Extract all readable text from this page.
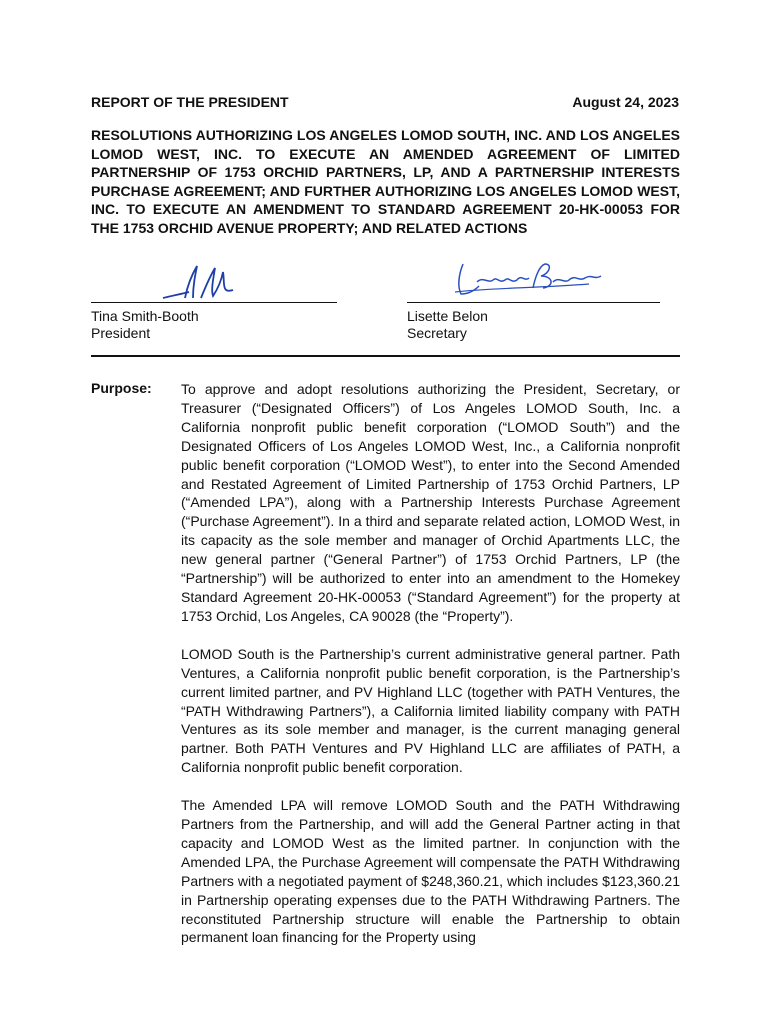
REPORT OF THE PRESIDENT	August 24, 2023

RESOLUTIONS AUTHORIZING LOS ANGELES LOMOD SOUTH, INC. AND LOS ANGELES LOMOD WEST, INC. TO EXECUTE AN AMENDED AGREEMENT OF LIMITED PARTNERSHIP OF 1753 ORCHID PARTNERS, LP, AND A PARTNERSHIP INTERESTS PURCHASE AGREEMENT; AND FURTHER AUTHORIZING LOS ANGELES LOMOD WEST, INC. TO EXECUTE AN AMENDMENT TO STANDARD AGREEMENT 20-HK-00053 FOR THE 1753 ORCHID AVENUE PROPERTY; AND RELATED ACTIONS

Tina Smith-Booth
President
Lisette Belon
Secretary
Purpose: To approve and adopt resolutions authorizing the President, Secretary, or Treasurer (“Designated Officers”) of Los Angeles LOMOD South, Inc. a California nonprofit public benefit corporation (“LOMOD South”) and the Designated Officers of Los Angeles LOMOD West, Inc., a California nonprofit public benefit corporation (“LOMOD West”), to enter into the Second Amended and Restated Agreement of Limited Partnership of 1753 Orchid Partners, LP (“Amended LPA”), along with a Partnership Interests Purchase Agreement (“Purchase Agreement”). In a third and separate related action, LOMOD West, in its capacity as the sole member and manager of Orchid Apartments LLC, the new general partner (“General Partner”) of 1753 Orchid Partners, LP (the “Partnership”) will be authorized to enter into an amendment to the Homekey Standard Agreement 20-HK-00053 (“Standard Agreement”) for the property at 1753 Orchid, Los Angeles, CA 90028 (the “Property”).

LOMOD South is the Partnership’s current administrative general partner. Path Ventures, a California nonprofit public benefit corporation, is the Partnership’s current limited partner, and PV Highland LLC (together with PATH Ventures, the “PATH Withdrawing Partners”), a California limited liability company with PATH Ventures as its sole member and manager, is the current managing general partner. Both PATH Ventures and PV Highland LLC are affiliates of PATH, a California nonprofit public benefit corporation.

The Amended LPA will remove LOMOD South and the PATH Withdrawing Partners from the Partnership, and will add the General Partner acting in that capacity and LOMOD West as the limited partner. In conjunction with the Amended LPA, the Purchase Agreement will compensate the PATH Withdrawing Partners with a negotiated payment of $248,360.21, which includes $123,360.21 in Partnership operating expenses due to the PATH Withdrawing Partners. The reconstituted Partnership structure will enable the Partnership to obtain permanent loan financing for the Property using
